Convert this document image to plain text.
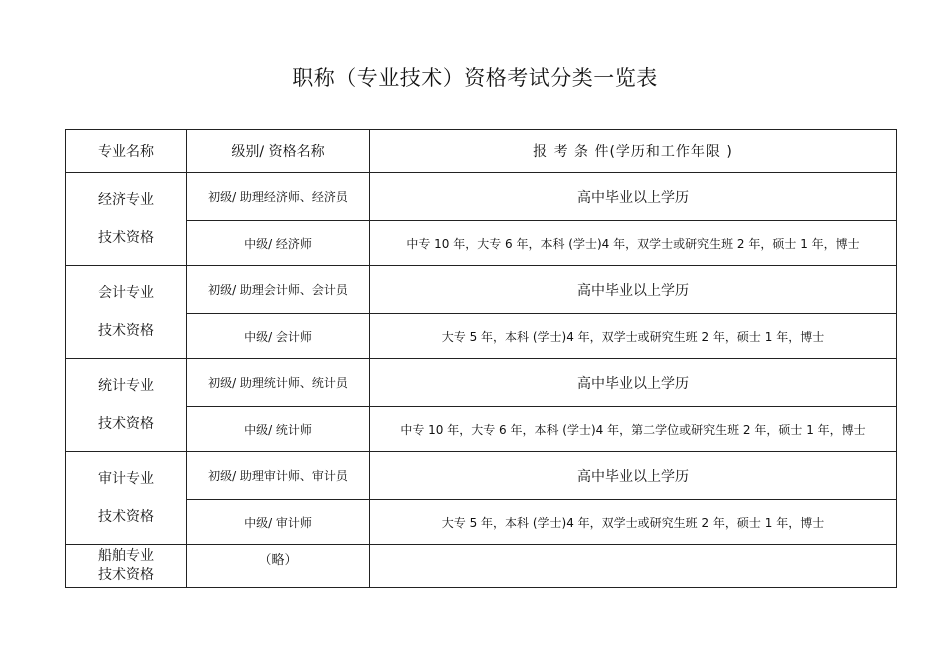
职称（专业技术）资格考试分类一览表
专业名称	级别/ 资格名称	报 考 条 件(学历和工作年限 )

经济专业
技术资格	初级/ 助理经济师、经济员	高中毕业以上学历
	中级/ 经济师	中专 10 年，大专 6 年，本科 (学士)4 年，双学士或研究生班 2 年，硕士 1 年，博士

会计专业
技术资格	初级/ 助理会计师、会计员	高中毕业以上学历
	中级/ 会计师	大专 5 年，本科 (学士)4 年，双学士或研究生班 2 年，硕士 1 年，博士

统计专业
技术资格	初级/ 助理统计师、统计员	高中毕业以上学历
	中级/ 统计师	中专 10 年，大专 6 年，本科 (学士)4 年，第二学位或研究生班 2 年，硕士 1 年，博士

审计专业
技术资格	初级/ 助理审计师、审计员	高中毕业以上学历
	中级/ 审计师	大专 5 年，本科 (学士)4 年，双学士或研究生班 2 年，硕士 1 年，博士

船舶专业
技术资格	（略）	
